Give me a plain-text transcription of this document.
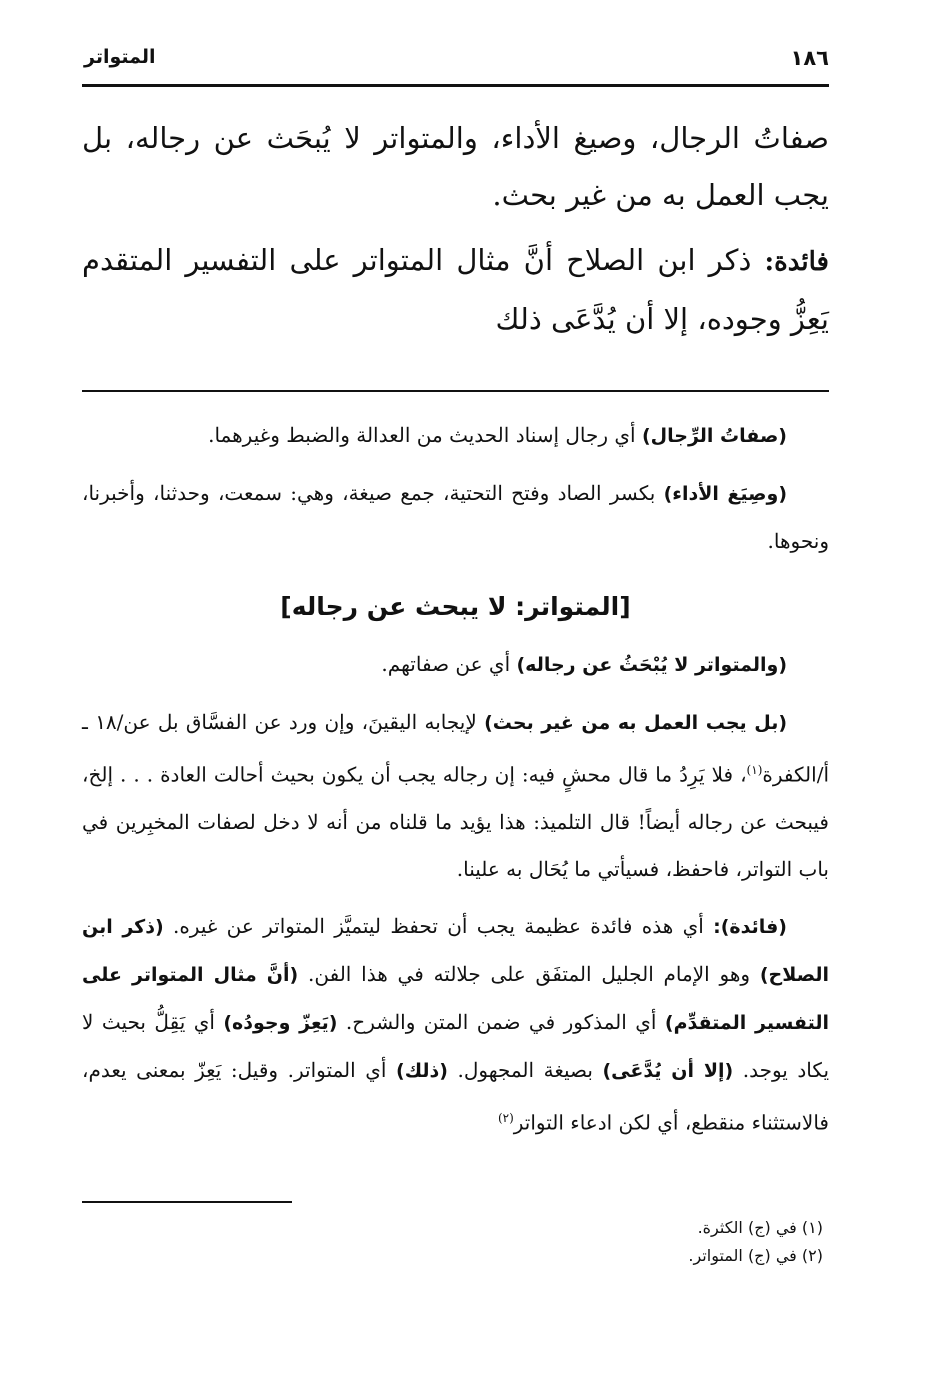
١٨٦
المتواتر

صفاتُ الرجال، وصيغ الأداء، والمتواتر لا يُبحَث عن رجاله، بل يجب العمل به من غير بحث.

فائدة: ذكر ابن الصلاح أنَّ مثال المتواتر على التفسير المتقدم يَعِزُّ وجوده، إلا أن يُدَّعَى ذلك

(صفاتُ الرِّجال) أي رجال إسناد الحديث من العدالة والضبط وغيرهما.

(وصِيَغ الأداء) بكسر الصاد وفتح التحتية، جمع صيغة، وهي: سمعت، وحدثنا، وأخبرنا، ونحوها.

[المتواتر: لا يبحث عن رجاله]

(والمتواتر لا يُبْحَثُ عن رجاله) أي عن صفاتهم.

(بل يجب العمل به من غير بحث) لإيجابه اليقينَ، وإن ورد عن الفسَّاق بل عن/١٨ ـ أ/الكفرة$^{(١)}$، فلا يَرِدُ ما قال محشٍ فيه: إن رجاله يجب أن يكون بحيث أحالت العادة . . . إلخ، فيبحث عن رجاله أيضاً! قال التلميذ: هذا يؤيد ما قلناه من أنه لا دخل لصفات المخبِرين في باب التواتر، فاحفظ، فسيأتي ما يُحَال به علينا.

(فائدة): أي هذه فائدة عظيمة يجب أن تحفظ ليتميَّز المتواتر عن غيره. (ذكر ابن الصلاح) وهو الإمام الجليل المتفَق على جلالته في هذا الفن. (أنَّ مثال المتواتر على التفسير المتقدِّم) أي المذكور في ضمن المتن والشرح. (يَعِزّ وجودُه) أي يَقِلُّ بحيث لا يكاد يوجد. (إلا أن يُدَّعَى) بصيغة المجهول. (ذلك) أي المتواتر. وقيل: يَعِزّ بمعنى يعدم، فالاستثناء منقطع، أي لكن ادعاء التواتر$^{(٢)}$

(١) في (ج) الكثرة.
(٢) في (ج) المتواتر.
